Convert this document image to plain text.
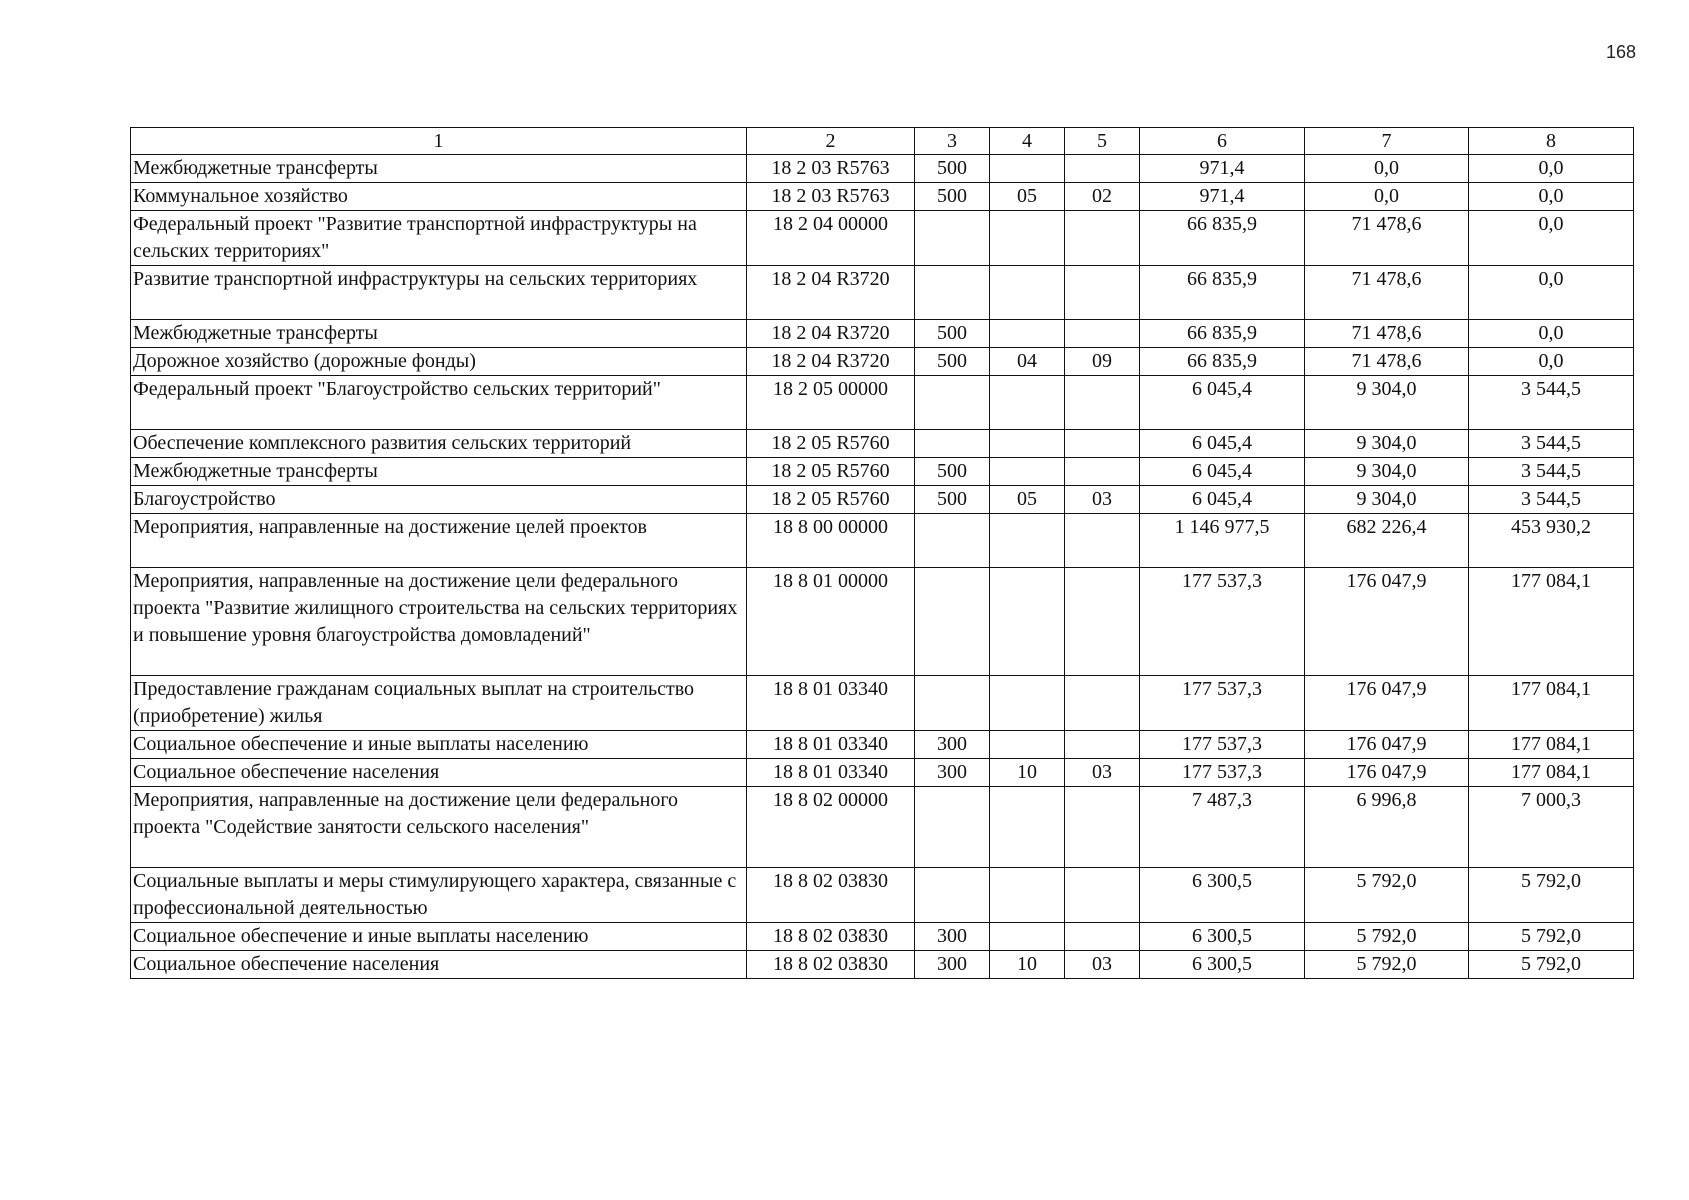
168
1	2	3	4	5	6	7	8
Межбюджетные трансферты	18 2 03 R5763	500			971,4	0,0	0,0
Коммунальное хозяйство	18 2 03 R5763	500	05	02	971,4	0,0	0,0
Федеральный проект "Развитие транспортной инфраструктуры на сельских территориях"	18 2 04 00000				66 835,9	71 478,6	0,0
Развитие транспортной инфраструктуры на сельских территориях	18 2 04 R3720				66 835,9	71 478,6	0,0
Межбюджетные трансферты	18 2 04 R3720	500			66 835,9	71 478,6	0,0
Дорожное хозяйство (дорожные фонды)	18 2 04 R3720	500	04	09	66 835,9	71 478,6	0,0
Федеральный проект "Благоустройство сельских территорий"	18 2 05 00000				6 045,4	9 304,0	3 544,5
Обеспечение комплексного развития сельских территорий	18 2 05 R5760				6 045,4	9 304,0	3 544,5
Межбюджетные трансферты	18 2 05 R5760	500			6 045,4	9 304,0	3 544,5
Благоустройство	18 2 05 R5760	500	05	03	6 045,4	9 304,0	3 544,5
Мероприятия, направленные на достижение целей проектов	18 8 00 00000				1 146 977,5	682 226,4	453 930,2
Мероприятия, направленные на достижение цели федерального проекта "Развитие жилищного строительства на сельских территориях и повышение уровня благоустройства домовладений"	18 8 01 00000				177 537,3	176 047,9	177 084,1
Предоставление гражданам социальных выплат на строительство (приобретение) жилья	18 8 01 03340				177 537,3	176 047,9	177 084,1
Социальное обеспечение и иные выплаты населению	18 8 01 03340	300			177 537,3	176 047,9	177 084,1
Социальное обеспечение населения	18 8 01 03340	300	10	03	177 537,3	176 047,9	177 084,1
Мероприятия, направленные на достижение цели федерального проекта "Содействие занятости сельского населения"	18 8 02 00000				7 487,3	6 996,8	7 000,3
Социальные выплаты и меры стимулирующего характера, связанные с профессиональной деятельностью	18 8 02 03830				6 300,5	5 792,0	5 792,0
Социальное обеспечение и иные выплаты населению	18 8 02 03830	300			6 300,5	5 792,0	5 792,0
Социальное обеспечение населения	18 8 02 03830	300	10	03	6 300,5	5 792,0	5 792,0
